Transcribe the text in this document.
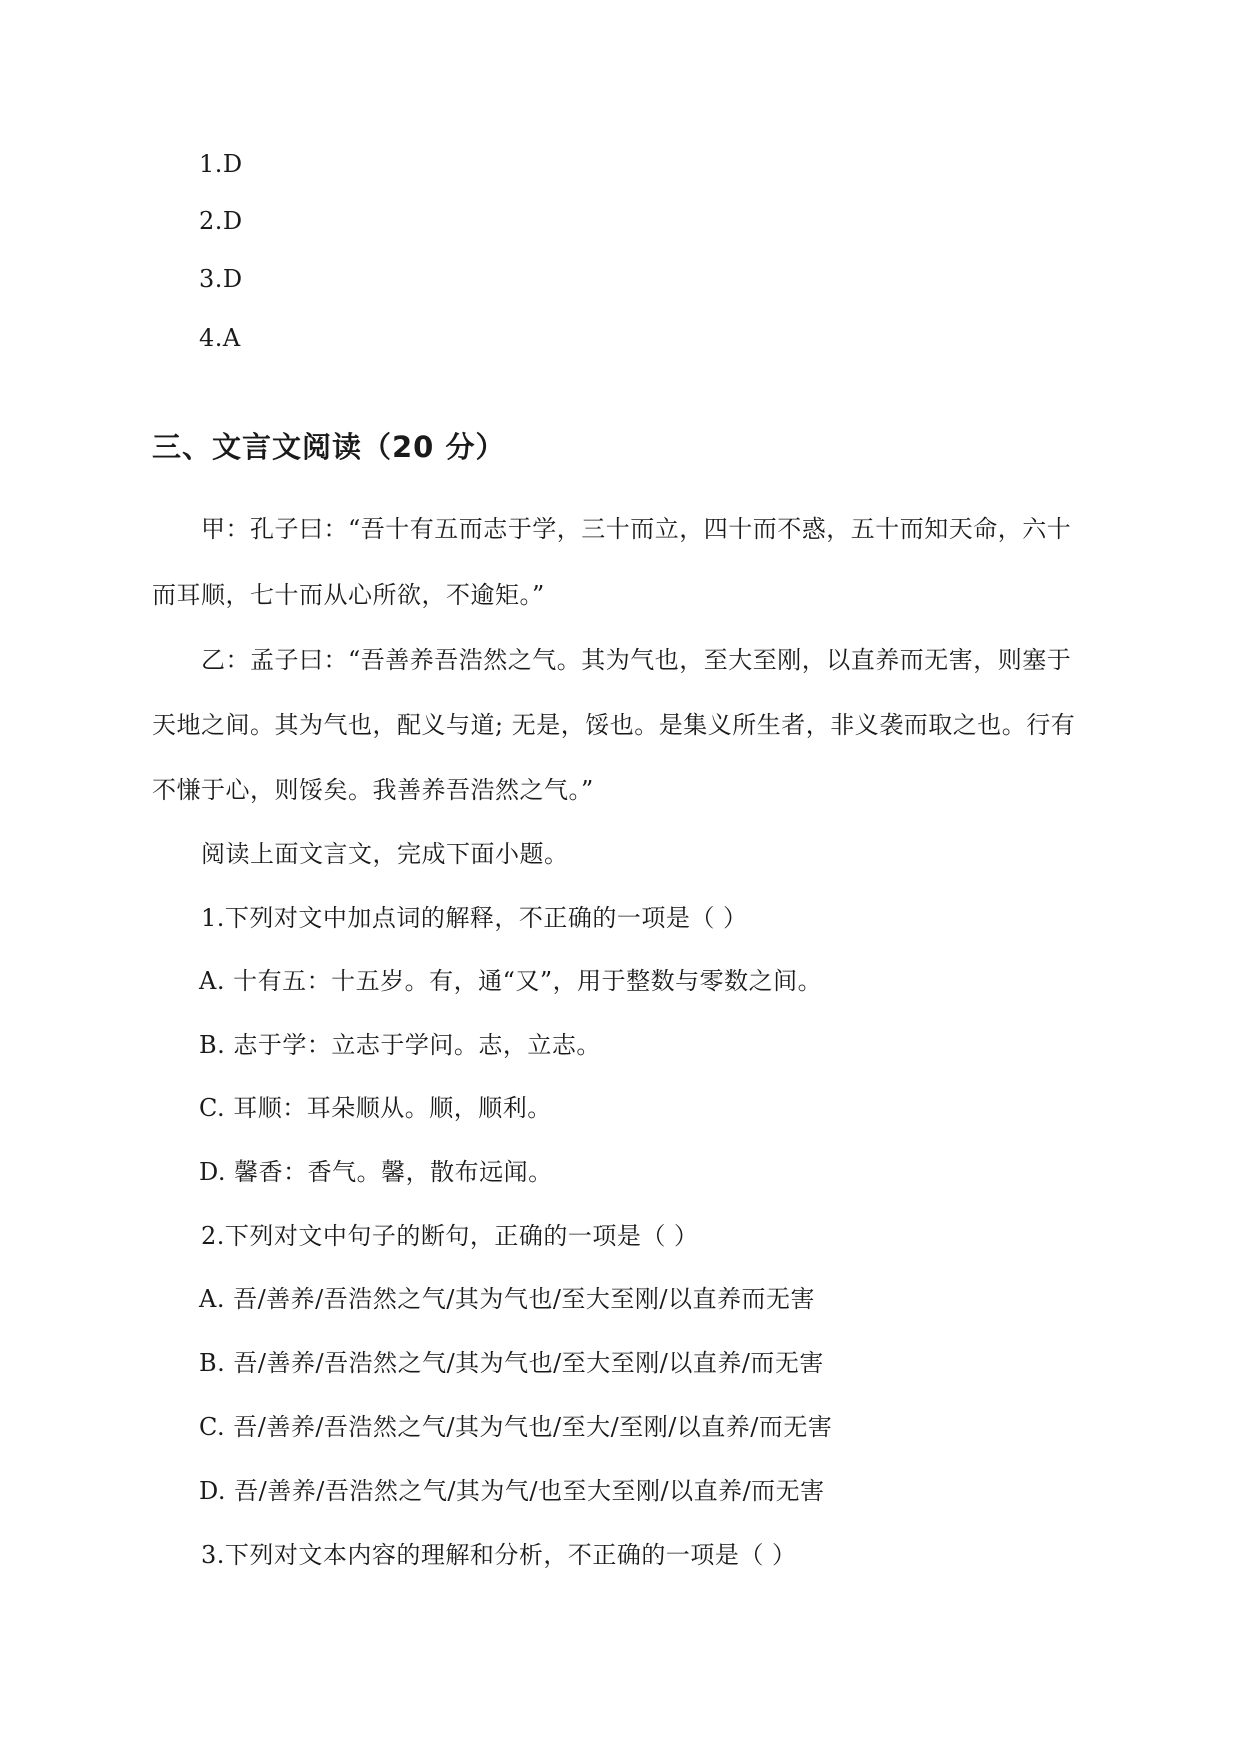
1.D
2.D
3.D
4.A
三、文言文阅读（20 分）
甲：孔子曰：“吾十有五而志于学，三十而立，四十而不惑，五十而知天命，六十
而耳顺，七十而从心所欲，不逾矩。”
乙：孟子曰：“吾善养吾浩然之气。其为气也，至大至刚，以直养而无害，则塞于
天地之间。其为气也，配义与道; 无是，馁也。是集义所生者，非义袭而取之也。行有
不慊于心，则馁矣。我善养吾浩然之气。”
阅读上面文言文，完成下面小题。
1.下列对文中加点词的解释，不正确的一项是（ ）
A. 十有五：十五岁。有，通“又”，用于整数与零数之间。
B. 志于学：立志于学问。志，立志。
C. 耳顺：耳朵顺从。顺，顺利。
D. 馨香：香气。馨，散布远闻。
2.下列对文中句子的断句，正确的一项是（ ）
A. 吾/善养/吾浩然之气/其为气也/至大至刚/以直养而无害
B. 吾/善养/吾浩然之气/其为气也/至大至刚/以直养/而无害
C. 吾/善养/吾浩然之气/其为气也/至大/至刚/以直养/而无害
D. 吾/善养/吾浩然之气/其为气/也至大至刚/以直养/而无害
3.下列对文本内容的理解和分析，不正确的一项是（ ）
